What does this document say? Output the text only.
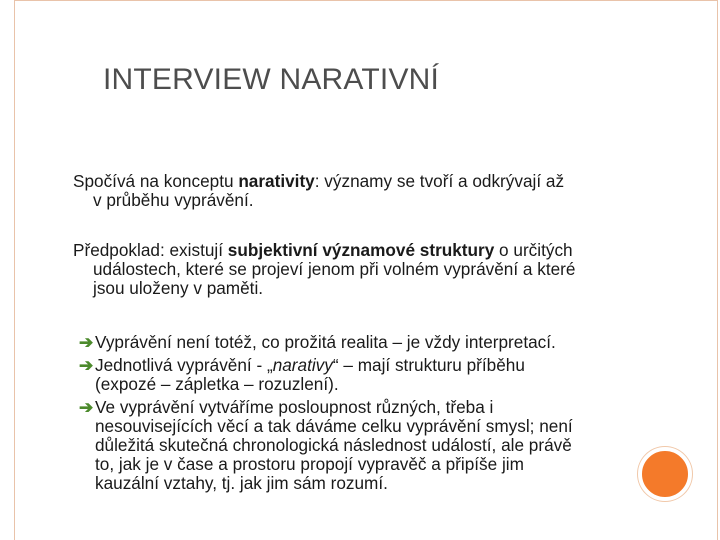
INTERVIEW NARATIVNÍ
Spočívá na konceptu narativity: významy se tvoří a odkrývají až
v průběhu vyprávění.
Předpoklad: existují subjektivní významové struktury o určitých
událostech, které se projeví jenom při volném vyprávění a které
jsou uloženy v paměti.
➔ Vyprávění není totéž, co prožitá realita – je vždy interpretací.
➔ Jednotlivá vyprávění - „narativy“ – mají strukturu příběhu
(expozé – zápletka – rozuzlení).
➔ Ve vyprávění vytváříme posloupnost různých, třeba i
nesouvisejících věcí a tak dáváme celku vyprávění smysl; není
důležitá skutečná chronologická následnost událostí, ale právě
to, jak je v čase a prostoru propojí vypravěč a připíše jim
kauzální vztahy, tj. jak jim sám rozumí.
